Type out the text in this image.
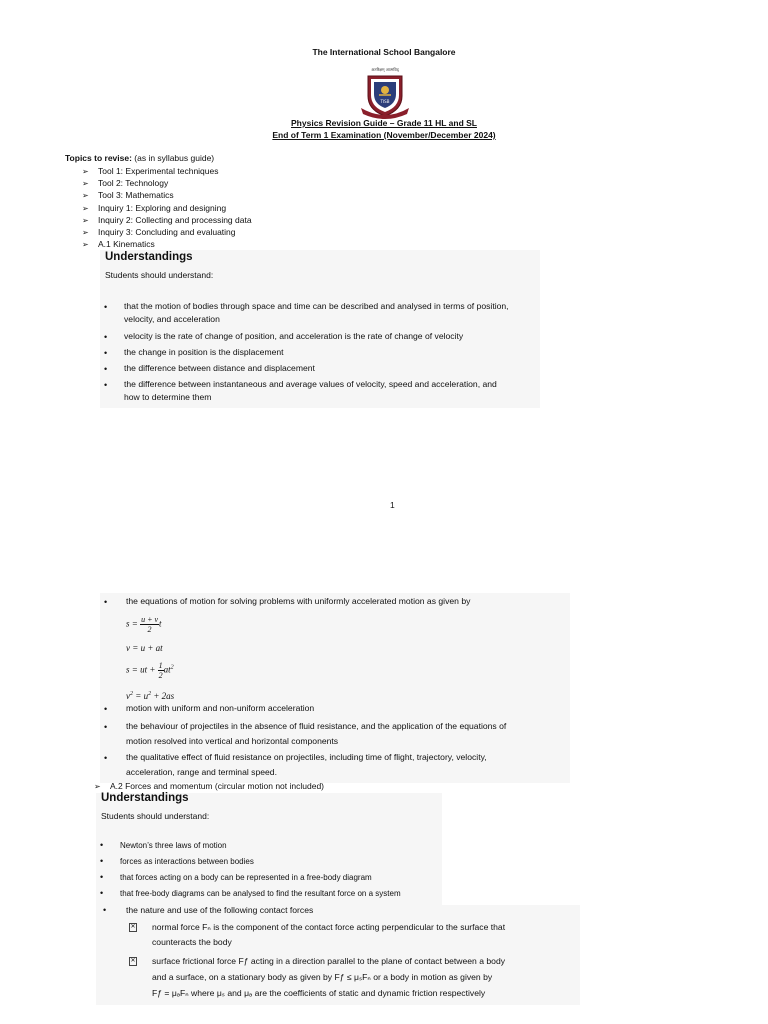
The International School Bangalore
अतरिक्षम् आत्मविद्
TISB
Physics Revision Guide – Grade 11 HL and SL
End of Term 1 Examination (November/December 2024)
Topics to revise: (as in syllabus guide)
➢ Tool 1: Experimental techniques
➢ Tool 2: Technology
➢ Tool 3: Mathematics
➢ Inquiry 1: Exploring and designing
➢ Inquiry 2: Collecting and processing data
➢ Inquiry 3: Concluding and evaluating
➢ A.1 Kinematics
Understandings
Students should understand:
• that the motion of bodies through space and time can be described and analysed in terms of position,
velocity, and acceleration
• velocity is the rate of change of position, and acceleration is the rate of change of velocity
• the change in position is the displacement
• the difference between distance and displacement
• the difference between instantaneous and average values of velocity, speed and acceleration, and
how to determine them
1
• the equations of motion for solving problems with uniformly accelerated motion as given by
$s = \frac{u + v}{2}$ t
v = u + at
s = ut + $\frac{1}{2} at^2$
$v^2 = u^2 + 2as$
• motion with uniform and non-uniform acceleration
• the behaviour of projectiles in the absence of fluid resistance, and the application of the equations of
motion resolved into vertical and horizontal components
• the qualitative effect of fluid resistance on projectiles, including time of flight, trajectory, velocity,
acceleration, range and terminal speed.
➢ A.2 Forces and momentum (circular motion not included)
Understandings
Students should understand:
• Newton’s three laws of motion
• forces as interactions between bodies
• that forces acting on a body can be represented in a free-body diagram
• that free-body diagrams can be analysed to find the resultant force on a system
• the nature and use of the following contact forces
✕ normal force Fₙ is the component of the contact force acting perpendicular to the surface that
counteracts the body
✕ surface frictional force Fƒ acting in a direction parallel to the plane of contact between a body
and a surface, on a stationary body as given by Fƒ ≤ μₛFₙ or a body in motion as given by
Fƒ = μₔFₙ where μₛ and μₔ are the coefficients of static and dynamic friction respectively
